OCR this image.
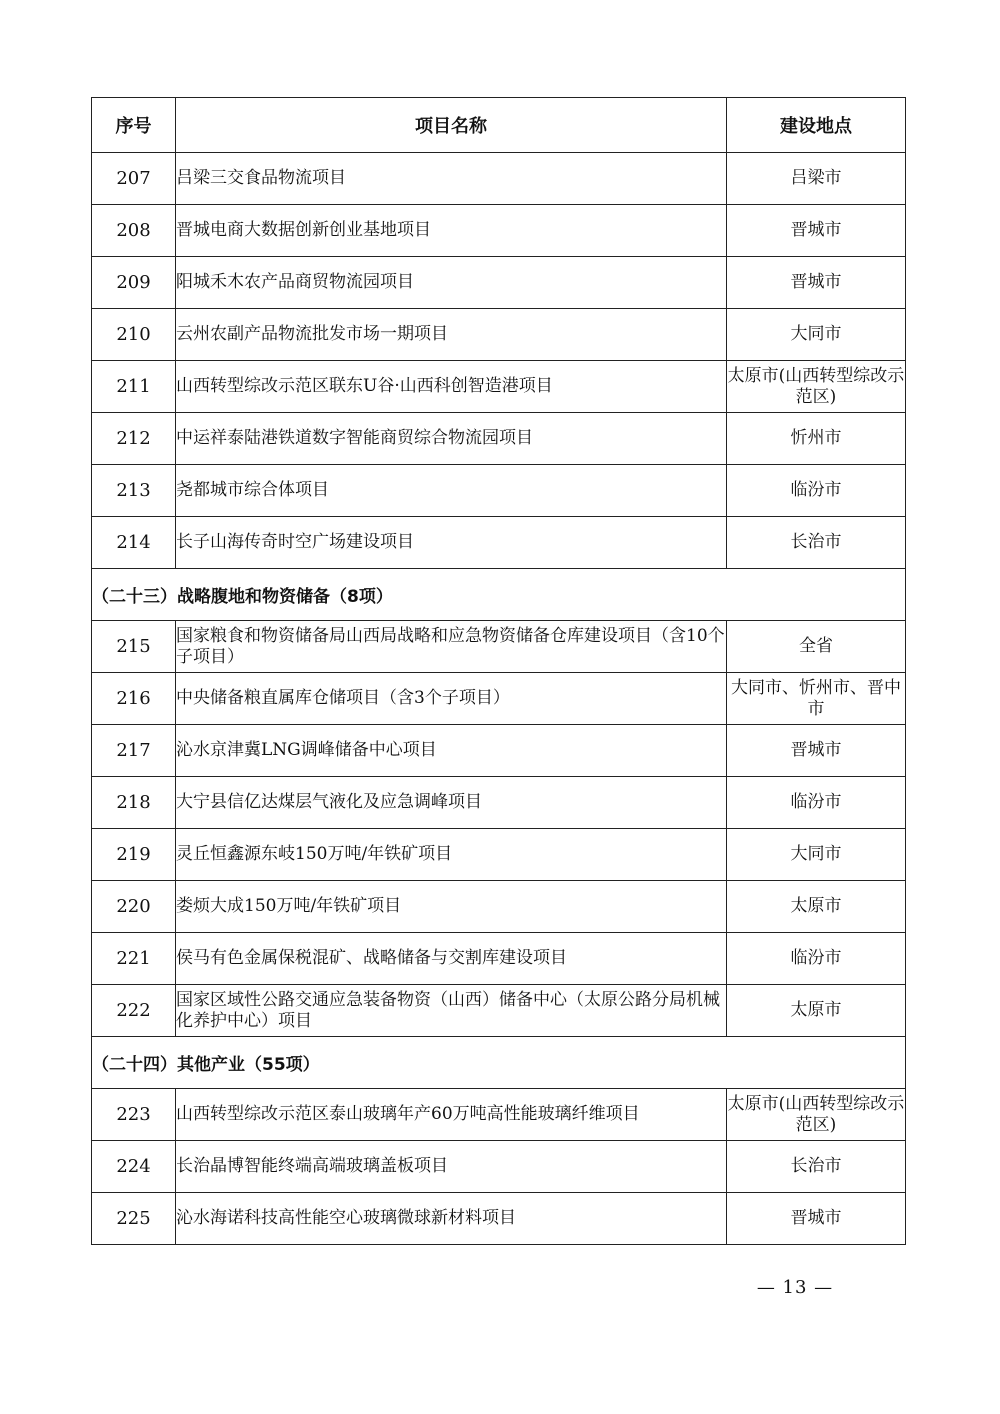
序号	项目名称	建设地点
207	吕梁三交食品物流项目	吕梁市
208	晋城电商大数据创新创业基地项目	晋城市
209	阳城禾木农产品商贸物流园项目	晋城市
210	云州农副产品物流批发市场一期项目	大同市
211	山西转型综改示范区联东U谷·山西科创智造港项目	太原市(山西转型综改示范区)
212	中运祥泰陆港铁道数字智能商贸综合物流园项目	忻州市
213	尧都城市综合体项目	临汾市
214	长子山海传奇时空广场建设项目	长治市
（二十三）战略腹地和物资储备（8项）		
215	国家粮食和物资储备局山西局战略和应急物资储备仓库建设项目（含10个子项目）	全省
216	中央储备粮直属库仓储项目（含3个子项目）	大同市、忻州市、晋中市
217	沁水京津冀LNG调峰储备中心项目	晋城市
218	大宁县信亿达煤层气液化及应急调峰项目	临汾市
219	灵丘恒鑫源东岐150万吨/年铁矿项目	大同市
220	娄烦大成150万吨/年铁矿项目	太原市
221	侯马有色金属保税混矿、战略储备与交割库建设项目	临汾市
222	国家区域性公路交通应急装备物资（山西）储备中心（太原公路分局机械化养护中心）项目	太原市
（二十四）其他产业（55项）		
223	山西转型综改示范区泰山玻璃年产60万吨高性能玻璃纤维项目	太原市(山西转型综改示范区)
224	长治晶博智能终端高端玻璃盖板项目	长治市
225	沁水海诺科技高性能空心玻璃微球新材料项目	晋城市
— 13 —
